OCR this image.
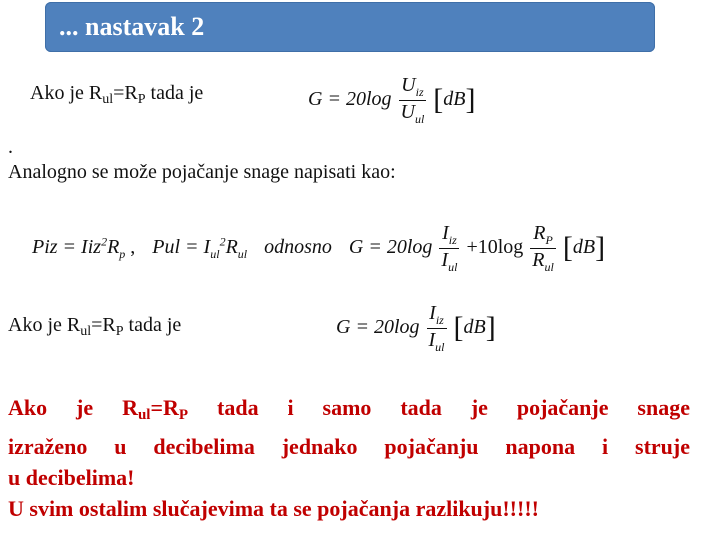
... nastavak 2
Ako je $R_{ul}=R_P$ tada je	$G = 20\log \frac{U_{iz}}{U_{ul}} [dB]$
.
Analogno se može pojačanje snage napisati kao:
Piz = $Iiz^2R_p$ , Pul = $I_{ul}^2R_{ul}$ odnosno $G = 20\log \frac{I_{iz}}{I_{ul}} +10\log \frac{R_P}{R_{ul}} [dB]$
Ako je $R_{ul}=R_P$ tada je	$G = 20\log \frac{I_{iz}}{I_{ul}} [dB]$
Ako je $R_{ul}=R_P$ tada i samo tada je pojačanje snage
izraženo u decibelima jednako pojačanju napona i struje
u decibelima!
U svim ostalim slučajevima ta se pojačanja razlikuju!!!!!
